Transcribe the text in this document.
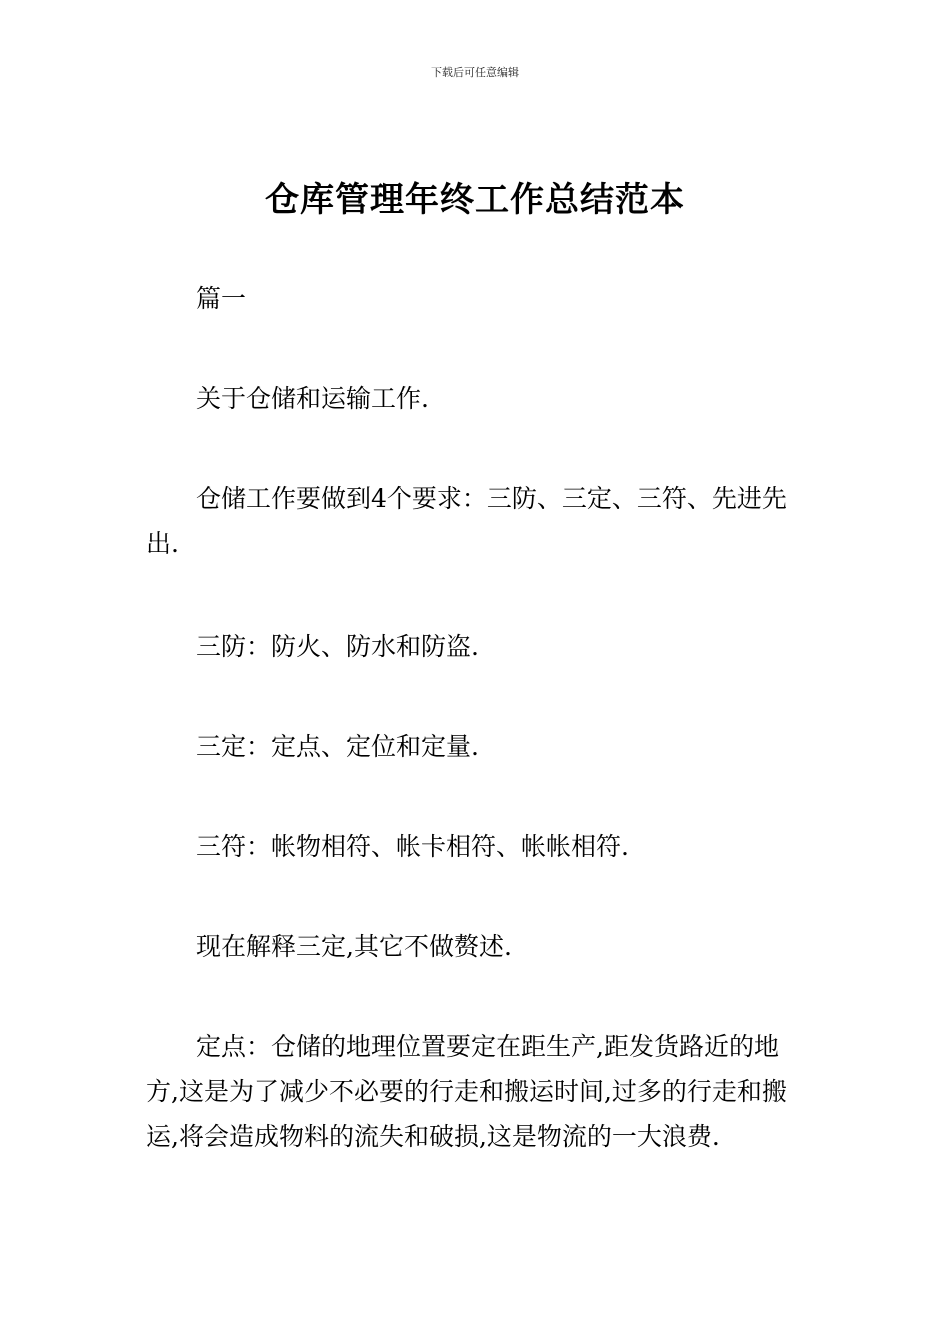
下载后可任意编辑
仓库管理年终工作总结范本

篇一

关于仓储和运输工作.

仓储工作要做到4个要求：三防、三定、三符、先进先出.

三防：防火、防水和防盗.

三定：定点、定位和定量.

三符：帐物相符、帐卡相符、帐帐相符.

现在解释三定,其它不做赘述.

定点：仓储的地理位置要定在距生产,距发货路近的地方,这是为了减少不必要的行走和搬运时间,过多的行走和搬运,将会造成物料的流失和破损,这是物流的一大浪费.
